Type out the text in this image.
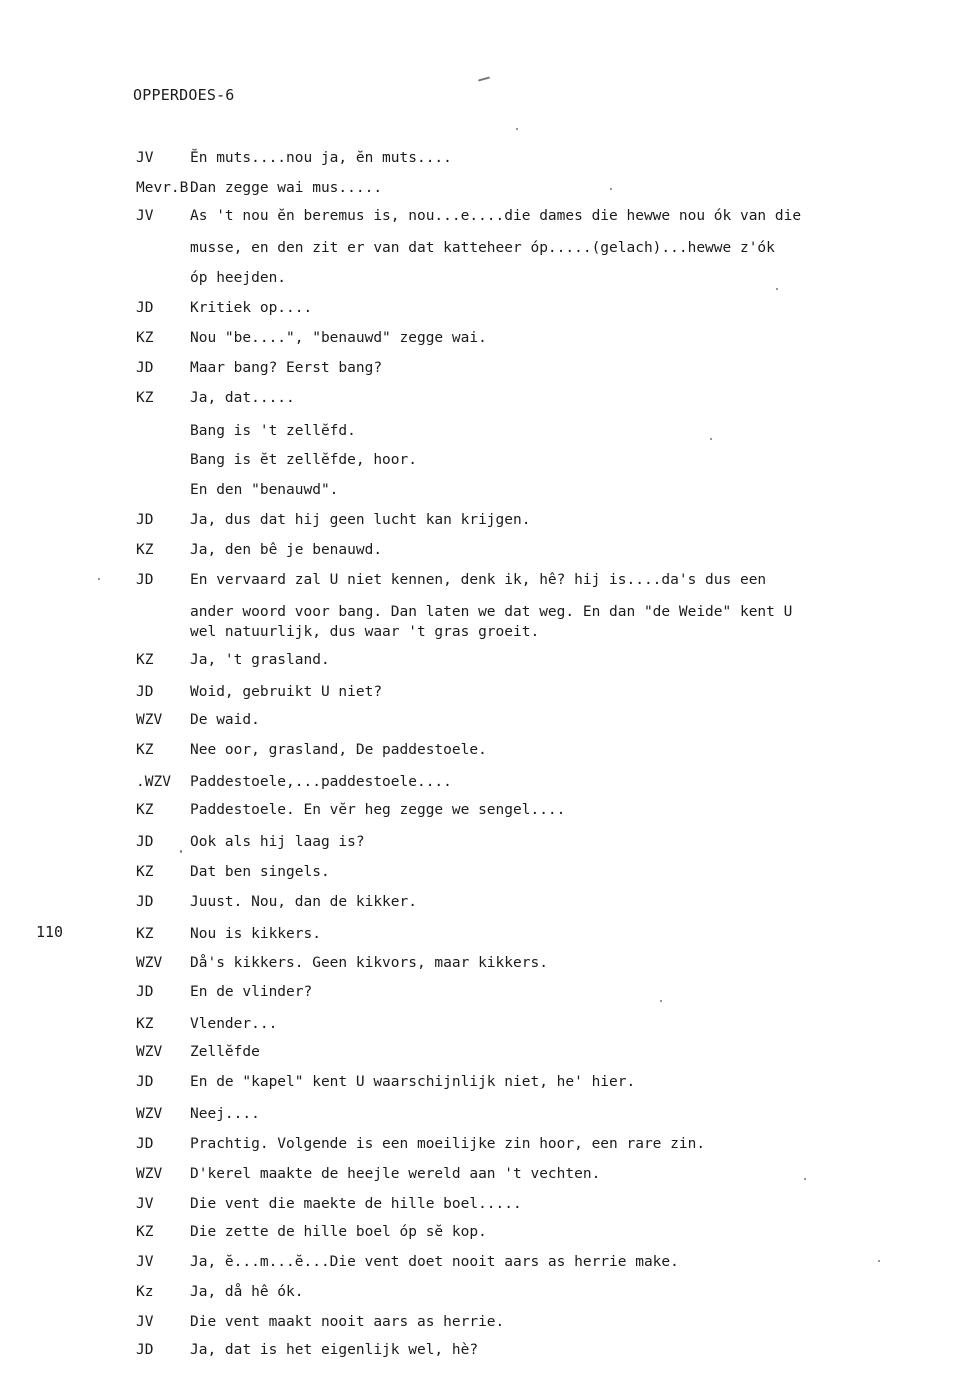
OPPERDOES-6
110
JV	Ĕn muts....nou ja, ĕn muts....
Mevr.B Dan zegge wai mus.....
JV	As 't nou ĕn beremus is, nou...e....die dames die hewwe nou ók van die
musse, en den zit er van dat katteheer óp.....(gelach)...hewwe z'ók
óp heejden.
JD	Kritiek op....
KZ	Nou "be....", "benauwd" zegge wai.
JD	Maar bang? Eerst bang?
KZ	Ja, dat.....
Bang is 't zellĕfd.
Bang is ĕt zellĕfde, hoor.
En den "benauwd".
JD	Ja, dus dat hij geen lucht kan krijgen.
KZ	Ja, den bê je benauwd.
JD	En vervaard zal U niet kennen, denk ik, hê? hij is....da's dus een
ander woord voor bang. Dan laten we dat weg. En dan "de Weide" kent U
wel natuurlijk, dus waar 't gras groeit.
KZ	Ja, 't grasland.
JD	Woid, gebruikt U niet?
WZV De waid.
KZ	Nee oor, grasland, De paddestoele.
.WZV Paddestoele,...paddestoele....
KZ	Paddestoele. En vĕr heg zegge we sengel....
JD	Ook als hij laag is?
KZ	Dat ben singels.
JD	Juust. Nou, dan de kikker.
KZ	Nou is kikkers.
WZV Då's kikkers. Geen kikvors, maar kikkers.
JD	En de vlinder?
KZ	Vlender...
WZV Zellĕfde
JD	En de "kapel" kent U waarschijnlijk niet, he' hier.
WZV Neej....
JD	Prachtig. Volgende is een moeilijke zin hoor, een rare zin.
WZV D'kerel maakte de heejle wereld aan 't vechten.
JV	Die vent die maekte de hille boel.....
KZ	Die zette de hille boel óp sĕ kop.
JV	Ja, ĕ...m...ĕ...Die vent doet nooit aars as herrie make.
Kz	Ja, då hê ók.
JV	Die vent maakt nooit aars as herrie.
JD	Ja, dat is het eigenlijk wel, hè?
